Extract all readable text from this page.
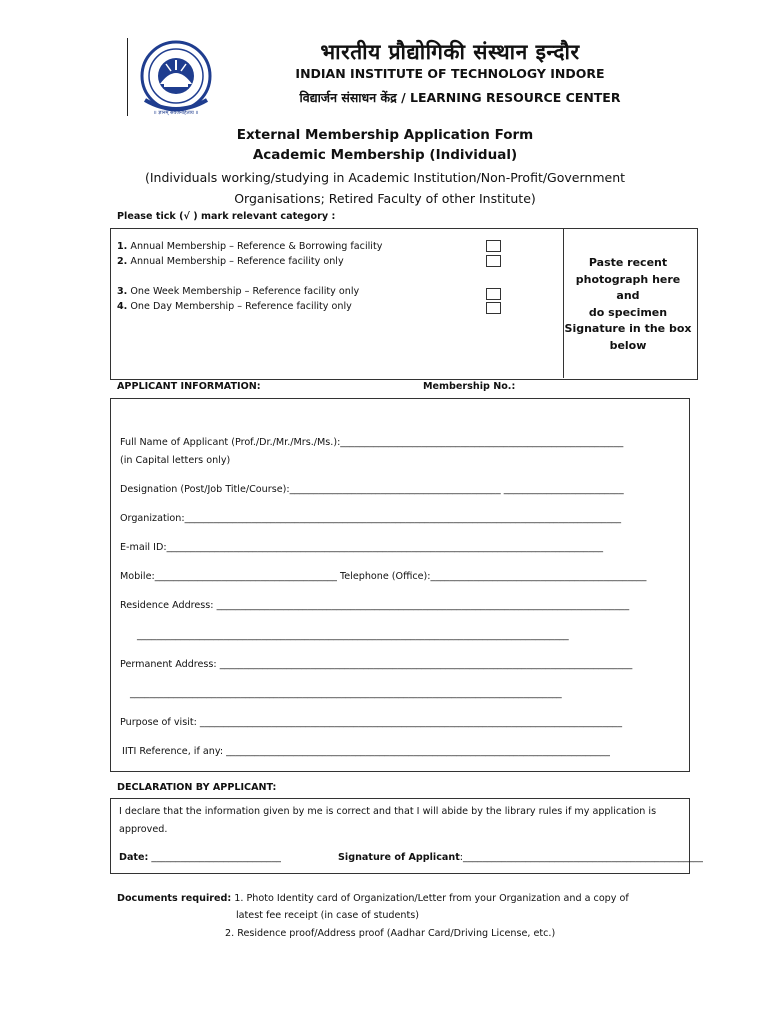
॥ ज्ञानम् सर्वजनहिताय ॥
भारतीय प्रौद्योगिकी संस्थान इन्दौर
INDIAN INSTITUTE OF TECHNOLOGY INDORE
विद्यार्जन संसाधन केंद्र / LEARNING RESOURCE CENTER
External Membership Application Form
Academic Membership (Individual)
(Individuals working/studying in Academic Institution/Non-Profit/Government
Organisations; Retired Faculty of other Institute)
Please tick (√ ) mark relevant category :
1. Annual Membership – Reference & Borrowing facility
2. Annual Membership – Reference facility only
3. One Week Membership – Reference facility only
4. One Day Membership – Reference facility only
Paste recent
photograph here and
do specimen
Signature in the box
below
APPLICANT INFORMATION:	Membership No.:
Full Name of Applicant (Prof./Dr./Mr./Mrs./Ms.):___________________________________________________________
(in Capital letters only)
Designation (Post/Job Title/Course):____________________________________________ _________________________
Organization:___________________________________________________________________________________________
E-mail ID:___________________________________________________________________________________________
Mobile:______________________________________ Telephone (Office):_____________________________________________
Residence Address: ______________________________________________________________________________________
__________________________________________________________________________________________
Permanent Address: ______________________________________________________________________________________
__________________________________________________________________________________________
Purpose of visit: ________________________________________________________________________________________
IITI Reference, if any: ________________________________________________________________________________
DECLARATION BY APPLICANT:
I declare that the information given by me is correct and that I will abide by the library rules if my application is
approved.
Date: ___________________________	Signature of Applicant:__________________________________________________
Documents required: 1. Photo Identity card of Organization/Letter from your Organization and a copy of
latest fee receipt (in case of students)
2. Residence proof/Address proof (Aadhar Card/Driving License, etc.)
